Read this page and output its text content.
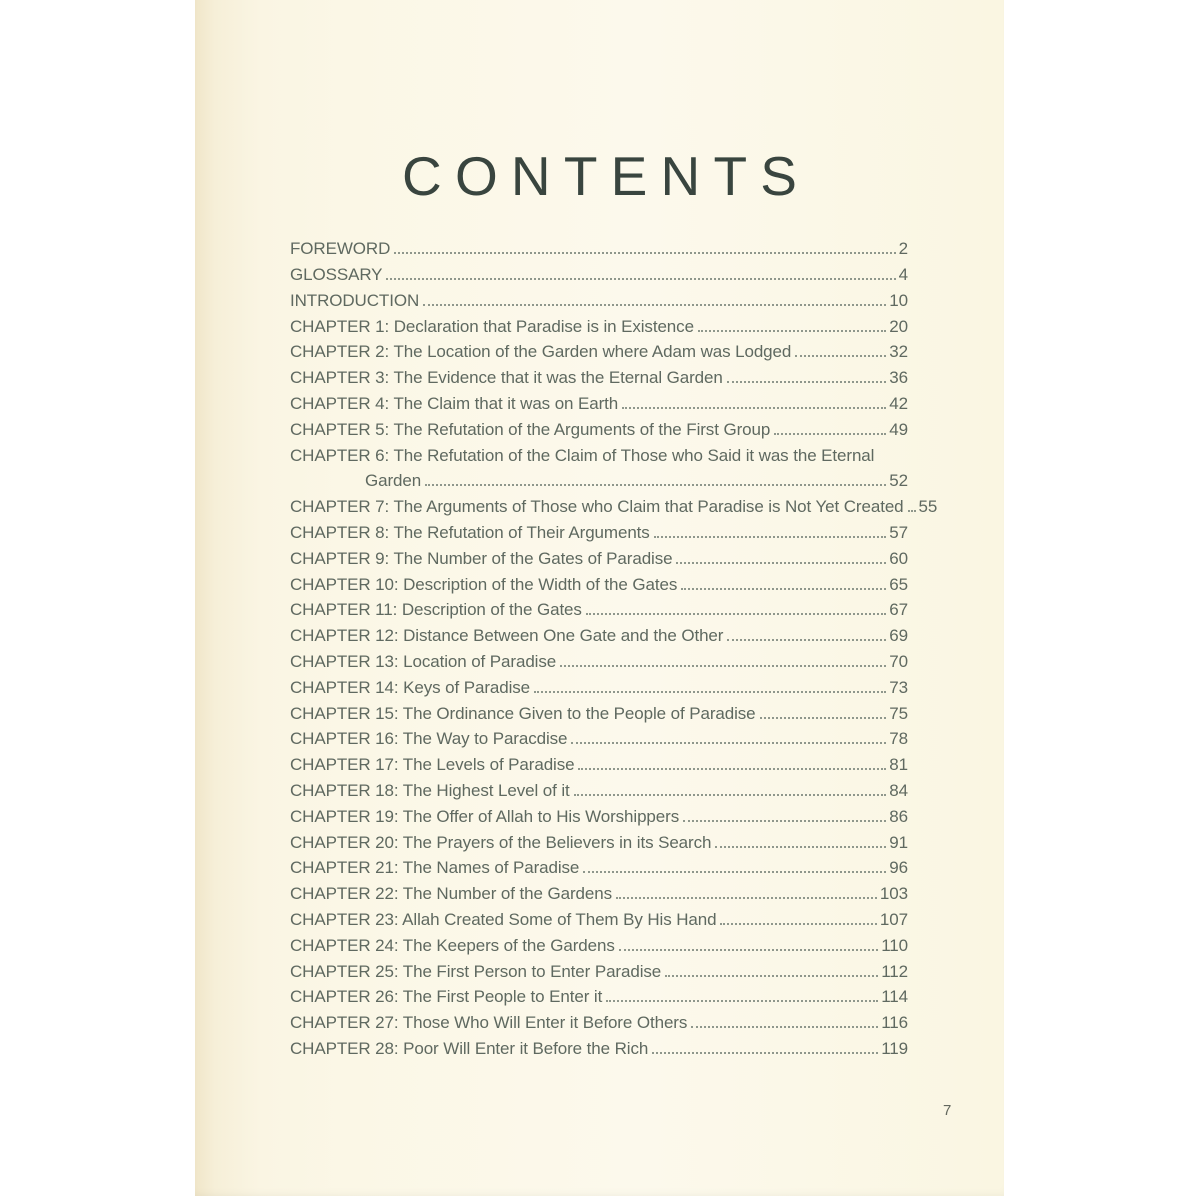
CONTENTS
FOREWORD	2
GLOSSARY	4
INTRODUCTION	10
CHAPTER 1: Declaration that Paradise is in Existence	20
CHAPTER 2: The Location of the Garden where Adam was Lodged	32
CHAPTER 3: The Evidence that it was the Eternal Garden	36
CHAPTER 4: The Claim that it was on Earth	42
CHAPTER 5: The Refutation of the Arguments of the First Group	49
CHAPTER 6: The Refutation of the Claim of Those who Said it was the Eternal
Garden	52
CHAPTER 7: The Arguments of Those who Claim that Paradise is Not Yet Created 55
CHAPTER 8: The Refutation of Their Arguments	57
CHAPTER 9: The Number of the Gates of Paradise	60
CHAPTER 10: Description of the Width of the Gates	65
CHAPTER 11: Description of the Gates	67
CHAPTER 12: Distance Between One Gate and the Other	69
CHAPTER 13: Location of Paradise	70
CHAPTER 14: Keys of Paradise	73
CHAPTER 15: The Ordinance Given to the People of Paradise	75
CHAPTER 16: The Way to Paracdise	78
CHAPTER 17: The Levels of Paradise	81
CHAPTER 18: The Highest Level of it	84
CHAPTER 19: The Offer of Allah to His Worshippers	86
CHAPTER 20: The Prayers of the Believers in its Search	91
CHAPTER 21: The Names of Paradise	96
CHAPTER 22: The Number of the Gardens	103
CHAPTER 23: Allah Created Some of Them By His Hand	107
CHAPTER 24: The Keepers of the Gardens	110
CHAPTER 25: The First Person to Enter Paradise	112
CHAPTER 26: The First People to Enter it	114
CHAPTER 27: Those Who Will Enter it Before Others	116
CHAPTER 28: Poor Will Enter it Before the Rich	119
7
